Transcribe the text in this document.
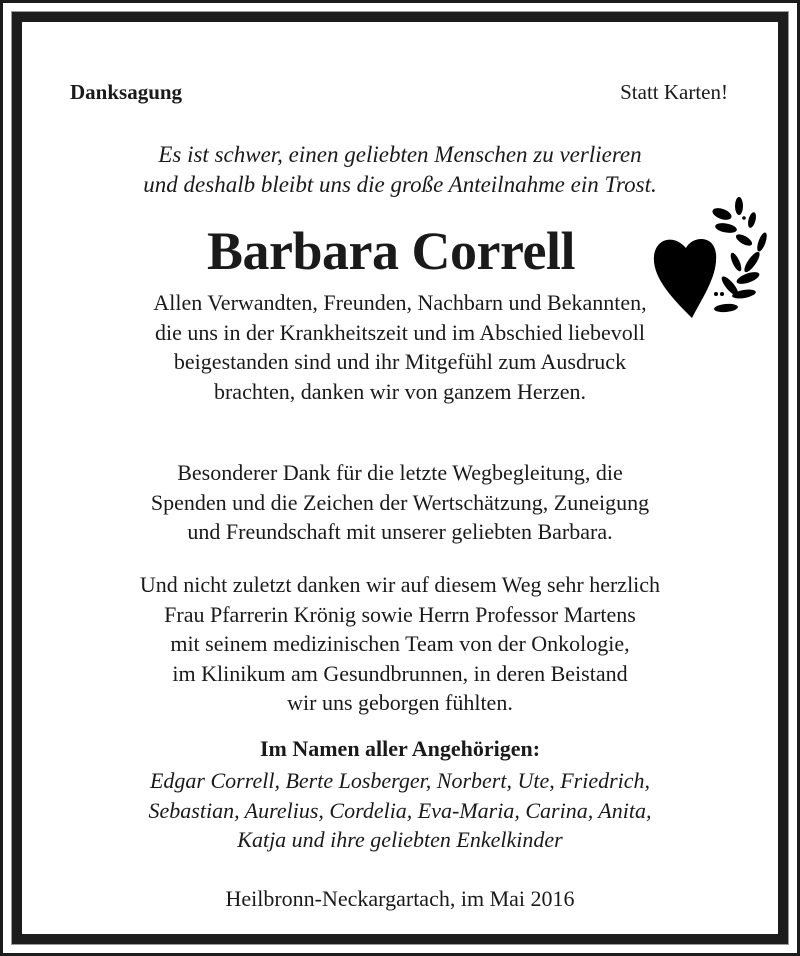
Danksagung	Statt Karten!
Es ist schwer, einen geliebten Menschen zu verlieren
und deshalb bleibt uns die große Anteilnahme ein Trost.
Barbara Correll
Allen Verwandten, Freunden, Nachbarn und Bekannten,
die uns in der Krankheitszeit und im Abschied liebevoll
beigestanden sind und ihr Mitgefühl zum Ausdruck
brachten, danken wir von ganzem Herzen.
Besonderer Dank für die letzte Wegbegleitung, die
Spenden und die Zeichen der Wertschätzung, Zuneigung
und Freundschaft mit unserer geliebten Barbara.
Und nicht zuletzt danken wir auf diesem Weg sehr herzlich
Frau Pfarrerin Krönig sowie Herrn Professor Martens
mit seinem medizinischen Team von der Onkologie,
im Klinikum am Gesundbrunnen, in deren Beistand
wir uns geborgen fühlten.
Im Namen aller Angehörigen:
Edgar Correll, Berte Losberger, Norbert, Ute, Friedrich,
Sebastian, Aurelius, Cordelia, Eva-Maria, Carina, Anita,
Katja und ihre geliebten Enkelkinder
Heilbronn-Neckargartach, im Mai 2016
